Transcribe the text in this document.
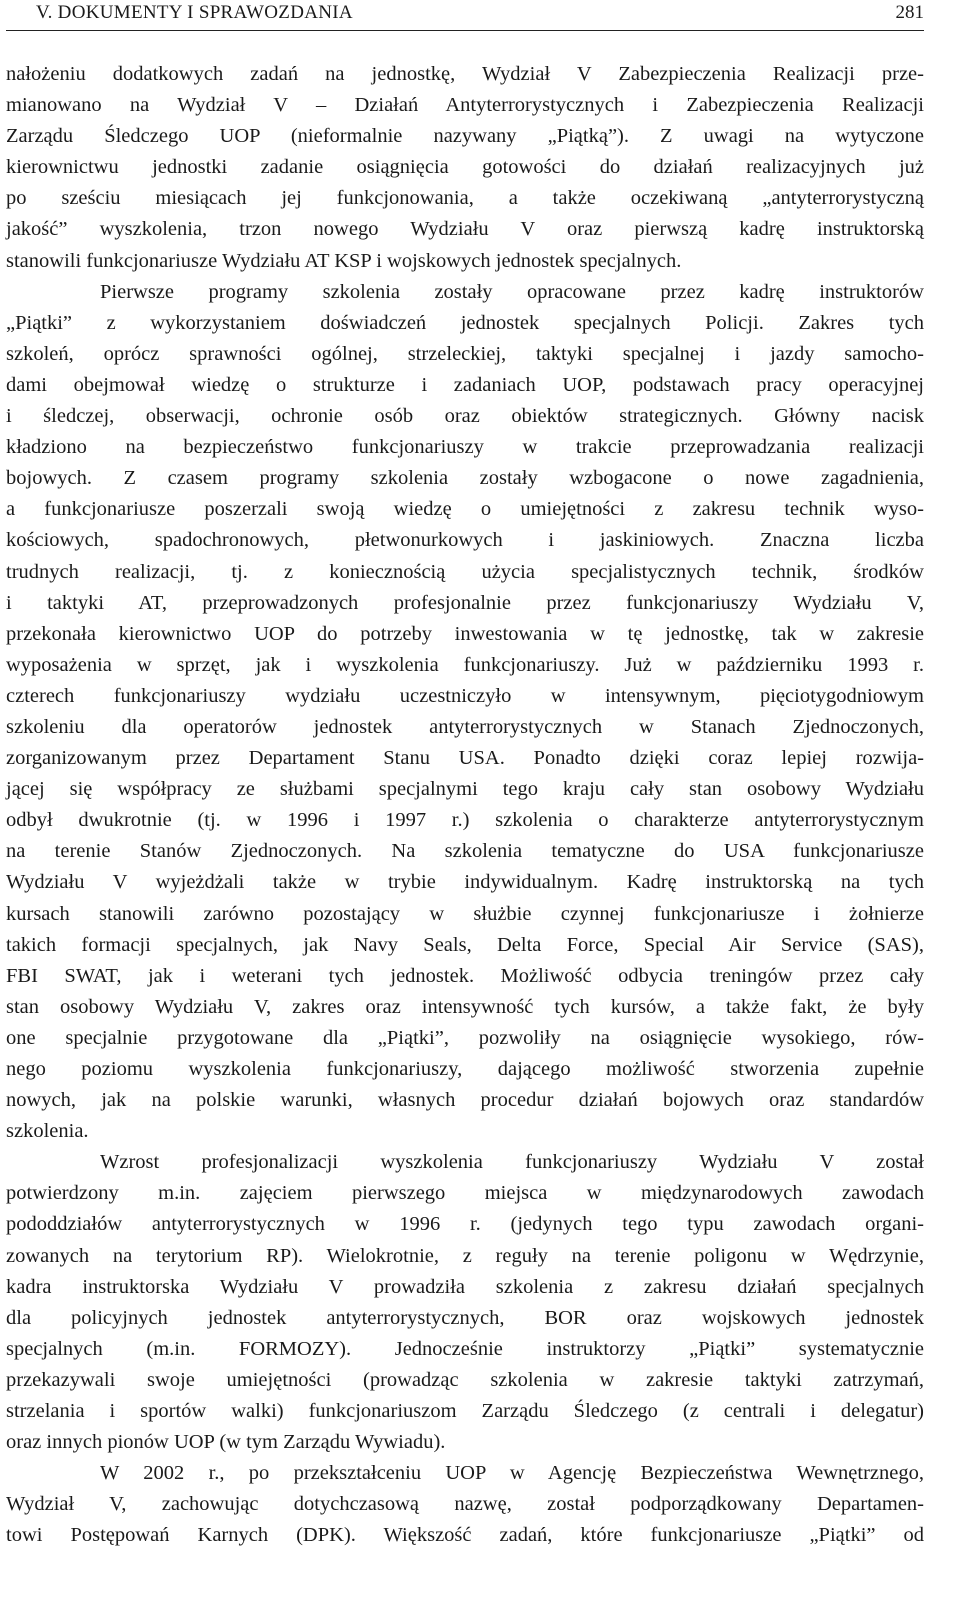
V. DOKUMENTY I SPRAWOZDANIA	281
nałożeniu dodatkowych zadań na jednostkę, Wydział V Zabezpieczenia Realizacji prze-
mianowano na Wydział V – Działań Antyterrorystycznych i Zabezpieczenia Realizacji
Zarządu Śledczego UOP (nieformalnie nazywany „Piątką”). Z uwagi na wytyczone
kierownictwu jednostki zadanie osiągnięcia gotowości do działań realizacyjnych już
po sześciu miesiącach jej funkcjonowania, a także oczekiwaną „antyterrorystyczną
jakość” wyszkolenia, trzon nowego Wydziału V oraz pierwszą kadrę instruktorską
stanowili funkcjonariusze Wydziału AT KSP i wojskowych jednostek specjalnych.
Pierwsze programy szkolenia zostały opracowane przez kadrę instruktorów
„Piątki” z wykorzystaniem doświadczeń jednostek specjalnych Policji. Zakres tych
szkoleń, oprócz sprawności ogólnej, strzeleckiej, taktyki specjalnej i jazdy samocho-
dami obejmował wiedzę o strukturze i zadaniach UOP, podstawach pracy operacyjnej
i śledczej, obserwacji, ochronie osób oraz obiektów strategicznych. Główny nacisk
kładziono na bezpieczeństwo funkcjonariuszy w trakcie przeprowadzania realizacji
bojowych. Z czasem programy szkolenia zostały wzbogacone o nowe zagadnienia,
a funkcjonariusze poszerzali swoją wiedzę o umiejętności z zakresu technik wyso-
kościowych, spadochronowych, płetwonurkowych i jaskiniowych. Znaczna liczba
trudnych realizacji, tj. z koniecznością użycia specjalistycznych technik, środków
i taktyki AT, przeprowadzonych profesjonalnie przez funkcjonariuszy Wydziału V,
przekonała kierownictwo UOP do potrzeby inwestowania w tę jednostkę, tak w zakresie
wyposażenia w sprzęt, jak i wyszkolenia funkcjonariuszy. Już w październiku 1993 r.
czterech funkcjonariuszy wydziału uczestniczyło w intensywnym, pięciotygodniowym
szkoleniu dla operatorów jednostek antyterrorystycznych w Stanach Zjednoczonych,
zorganizowanym przez Departament Stanu USA. Ponadto dzięki coraz lepiej rozwija-
jącej się współpracy ze służbami specjalnymi tego kraju cały stan osobowy Wydziału
odbył dwukrotnie (tj. w 1996 i 1997 r.) szkolenia o charakterze antyterrorystycznym
na terenie Stanów Zjednoczonych. Na szkolenia tematyczne do USA funkcjonariusze
Wydziału V wyjeżdżali także w trybie indywidualnym. Kadrę instruktorską na tych
kursach stanowili zarówno pozostający w służbie czynnej funkcjonariusze i żołnierze
takich formacji specjalnych, jak Navy Seals, Delta Force, Special Air Service (SAS),
FBI SWAT, jak i weterani tych jednostek. Możliwość odbycia treningów przez cały
stan osobowy Wydziału V, zakres oraz intensywność tych kursów, a także fakt, że były
one specjalnie przygotowane dla „Piątki”, pozwoliły na osiągnięcie wysokiego, rów-
nego poziomu wyszkolenia funkcjonariuszy, dającego możliwość stworzenia zupełnie
nowych, jak na polskie warunki, własnych procedur działań bojowych oraz standardów
szkolenia.
Wzrost profesjonalizacji wyszkolenia funkcjonariuszy Wydziału V został
potwierdzony m.in. zajęciem pierwszego miejsca w międzynarodowych zawodach
pododdziałów antyterrorystycznych w 1996 r. (jedynych tego typu zawodach organi-
zowanych na terytorium RP). Wielokrotnie, z reguły na terenie poligonu w Wędrzynie,
kadra instruktorska Wydziału V prowadziła szkolenia z zakresu działań specjalnych
dla policyjnych jednostek antyterrorystycznych, BOR oraz wojskowych jednostek
specjalnych (m.in. FORMOZY). Jednocześnie instruktorzy „Piątki” systematycznie
przekazywali swoje umiejętności (prowadząc szkolenia w zakresie taktyki zatrzymań,
strzelania i sportów walki) funkcjonariuszom Zarządu Śledczego (z centrali i delegatur)
oraz innych pionów UOP (w tym Zarządu Wywiadu).
W 2002 r., po przekształceniu UOP w Agencję Bezpieczeństwa Wewnętrznego,
Wydział V, zachowując dotychczasową nazwę, został podporządkowany Departamen-
towi Postępowań Karnych (DPK). Większość zadań, które funkcjonariusze „Piątki” od
